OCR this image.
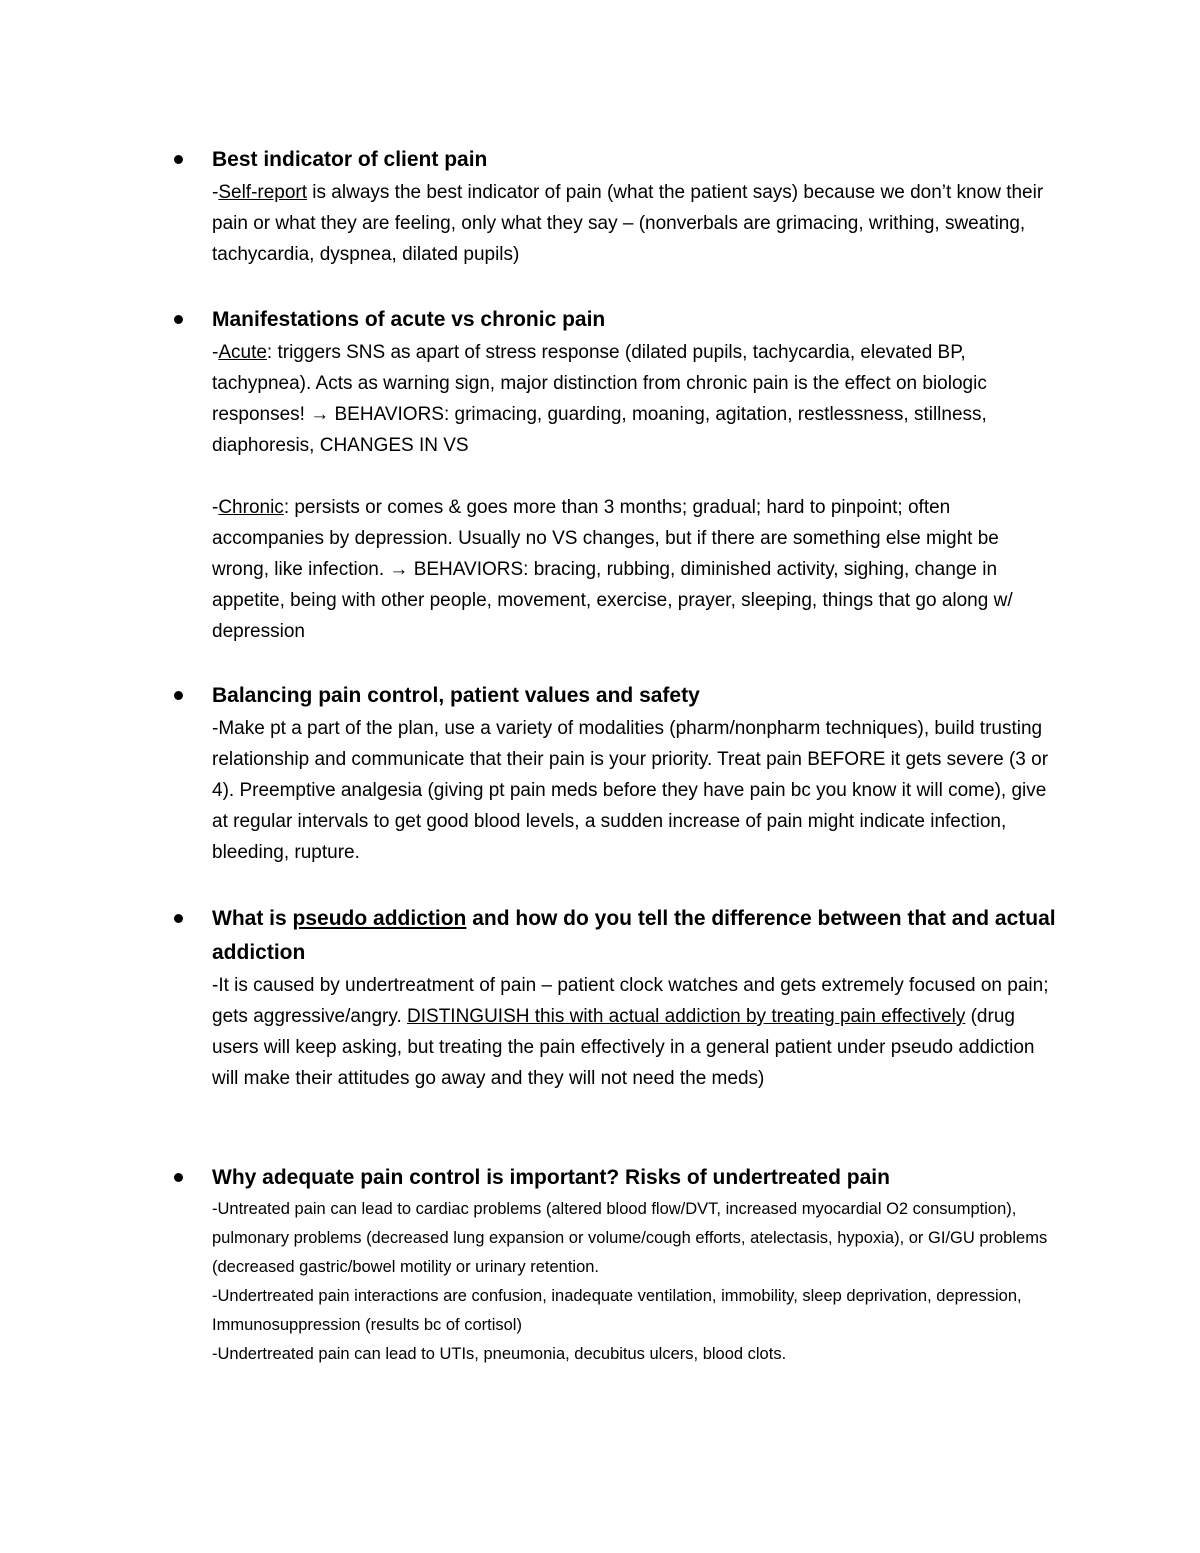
Best indicator of client pain

-Self-report is always the best indicator of pain (what the patient says) because we don’t know their pain or what they are feeling, only what they say – (nonverbals are grimacing, writhing, sweating, tachycardia, dyspnea, dilated pupils)

Manifestations of acute vs chronic pain

-Acute: triggers SNS as apart of stress response (dilated pupils, tachycardia, elevated BP, tachypnea). Acts as warning sign, major distinction from chronic pain is the effect on biologic responses! → BEHAVIORS: grimacing, guarding, moaning, agitation, restlessness, stillness, diaphoresis, CHANGES IN VS

-Chronic: persists or comes & goes more than 3 months; gradual; hard to pinpoint; often accompanies by depression. Usually no VS changes, but if there are something else might be wrong, like infection. → BEHAVIORS: bracing, rubbing, diminished activity, sighing, change in appetite, being with other people, movement, exercise, prayer, sleeping, things that go along w/ depression

Balancing pain control, patient values and safety

-Make pt a part of the plan, use a variety of modalities (pharm/nonpharm techniques), build trusting relationship and communicate that their pain is your priority. Treat pain BEFORE it gets severe (3 or 4). Preemptive analgesia (giving pt pain meds before they have pain bc you know it will come), give at regular intervals to get good blood levels, a sudden increase of pain might indicate infection, bleeding, rupture.

What is pseudo addiction and how do you tell the difference between that and actual addiction

-It is caused by undertreatment of pain – patient clock watches and gets extremely focused on pain; gets aggressive/angry. DISTINGUISH this with actual addiction by treating pain effectively (drug users will keep asking, but treating the pain effectively in a general patient under pseudo addiction will make their attitudes go away and they will not need the meds)

Why adequate pain control is important? Risks of undertreated pain

-Untreated pain can lead to cardiac problems (altered blood flow/DVT, increased myocardial O2 consumption), pulmonary problems (decreased lung expansion or volume/cough efforts, atelectasis, hypoxia), or GI/GU problems (decreased gastric/bowel motility or urinary retention.

-Undertreated pain interactions are confusion, inadequate ventilation, immobility, sleep deprivation, depression, Immunosuppression (results bc of cortisol)

-Undertreated pain can lead to UTIs, pneumonia, decubitus ulcers, blood clots.
